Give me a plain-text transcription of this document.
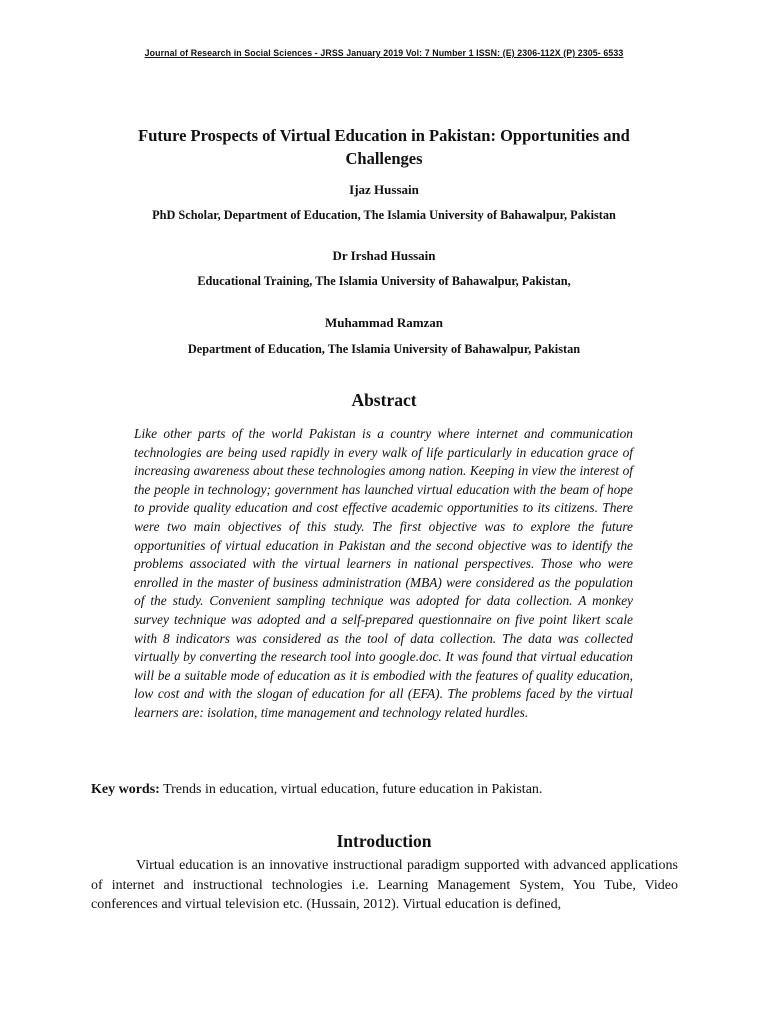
Journal of Research in Social Sciences - JRSS January 2019 Vol: 7 Number 1 ISSN: (E) 2306-112X (P) 2305- 6533
Future Prospects of Virtual Education in Pakistan: Opportunities and Challenges
Ijaz Hussain
PhD Scholar, Department of Education, The Islamia University of Bahawalpur, Pakistan
Dr Irshad Hussain
Educational Training, The Islamia University of Bahawalpur, Pakistan,
Muhammad Ramzan
Department of Education, The Islamia University of Bahawalpur, Pakistan
Abstract
Like other parts of the world Pakistan is a country where internet and communication technologies are being used rapidly in every walk of life particularly in education grace of increasing awareness about these technologies among nation. Keeping in view the interest of the people in technology; government has launched virtual education with the beam of hope to provide quality education and cost effective academic opportunities to its citizens. There were two main objectives of this study. The first objective was to explore the future opportunities of virtual education in Pakistan and the second objective was to identify the problems associated with the virtual learners in national perspectives. Those who were enrolled in the master of business administration (MBA) were considered as the population of the study. Convenient sampling technique was adopted for data collection. A monkey survey technique was adopted and a self-prepared questionnaire on five point likert scale with 8 indicators was considered as the tool of data collection. The data was collected virtually by converting the research tool into google.doc. It was found that virtual education will be a suitable mode of education as it is embodied with the features of quality education, low cost and with the slogan of education for all (EFA). The problems faced by the virtual learners are: isolation, time management and technology related hurdles.
Key words: Trends in education, virtual education, future education in Pakistan.
Introduction
Virtual education is an innovative instructional paradigm supported with advanced applications of internet and instructional technologies i.e. Learning Management System, You Tube, Video conferences and virtual television etc. (Hussain, 2012). Virtual education is defined,
